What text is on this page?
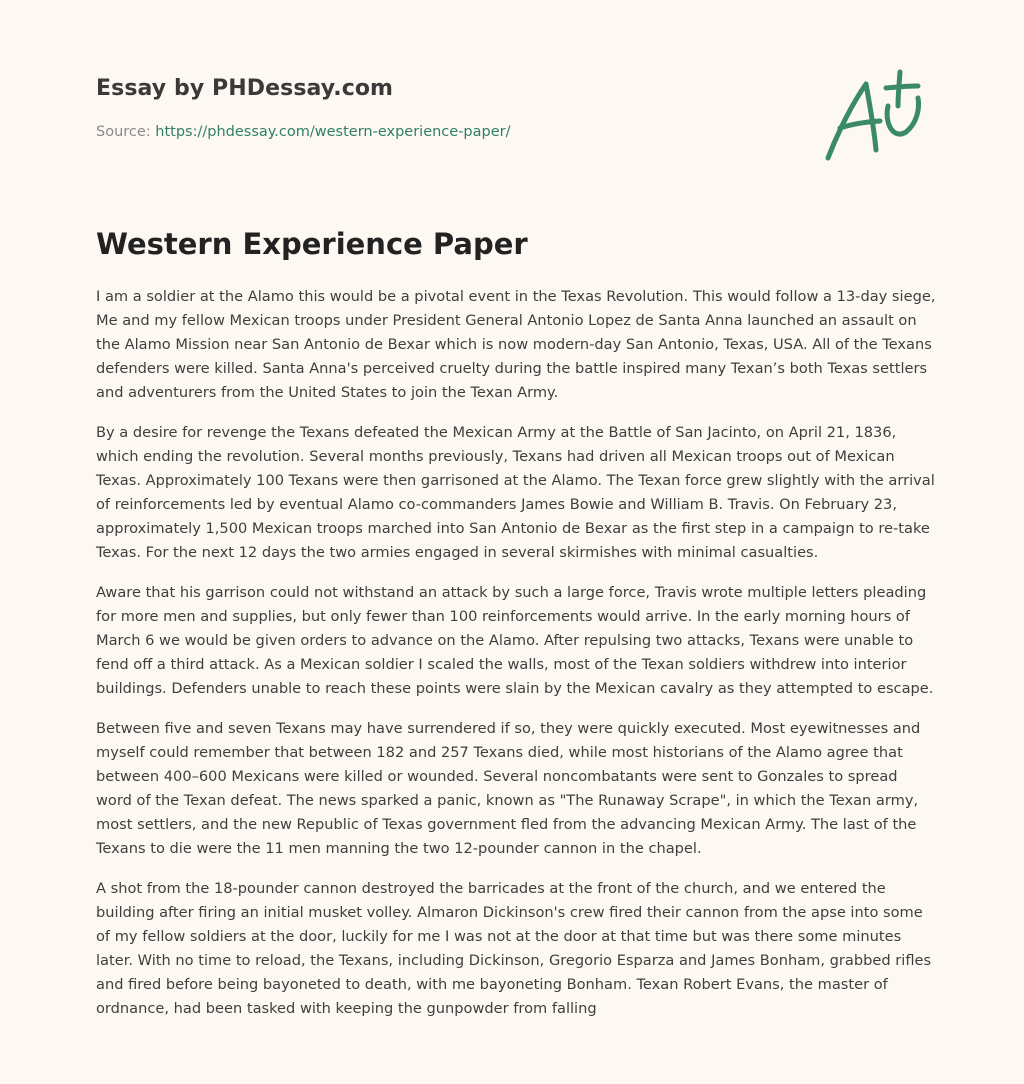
Essay by PHDessay.com
Source: https://phdessay.com/western-experience-paper/
Western Experience Paper

I am a soldier at the Alamo this would be a pivotal event in the Texas Revolution. This would follow a 13-day siege, Me and my fellow Mexican troops under President General Antonio Lopez de Santa Anna launched an assault on the Alamo Mission near San Antonio de Bexar which is now modern-day San Antonio, Texas, USA. All of the Texans defenders were killed. Santa Anna's perceived cruelty during the battle inspired many Texan’s both Texas settlers and adventurers from the United States to join the Texan Army.

By a desire for revenge the Texans defeated the Mexican Army at the Battle of San Jacinto, on April 21, 1836, which ending the revolution. Several months previously, Texans had driven all Mexican troops out of Mexican Texas. Approximately 100 Texans were then garrisoned at the Alamo. The Texan force grew slightly with the arrival of reinforcements led by eventual Alamo co-commanders James Bowie and William B. Travis. On February 23, approximately 1,500 Mexican troops marched into San Antonio de Bexar as the first step in a campaign to re-take Texas. For the next 12 days the two armies engaged in several skirmishes with minimal casualties.

Aware that his garrison could not withstand an attack by such a large force, Travis wrote multiple letters pleading for more men and supplies, but only fewer than 100 reinforcements would arrive. In the early morning hours of March 6 we would be given orders to advance on the Alamo. After repulsing two attacks, Texans were unable to fend off a third attack. As a Mexican soldier I scaled the walls, most of the Texan soldiers withdrew into interior buildings. Defenders unable to reach these points were slain by the Mexican cavalry as they attempted to escape.

Between five and seven Texans may have surrendered if so, they were quickly executed. Most eyewitnesses and myself could remember that between 182 and 257 Texans died, while most historians of the Alamo agree that between 400–600 Mexicans were killed or wounded. Several noncombatants were sent to Gonzales to spread word of the Texan defeat. The news sparked a panic, known as "The Runaway Scrape", in which the Texan army, most settlers, and the new Republic of Texas government fled from the advancing Mexican Army. The last of the Texans to die were the 11 men manning the two 12-pounder cannon in the chapel.

A shot from the 18-pounder cannon destroyed the barricades at the front of the church, and we entered the building after firing an initial musket volley. Almaron Dickinson's crew fired their cannon from the apse into some of my fellow soldiers at the door, luckily for me I was not at the door at that time but was there some minutes later. With no time to reload, the Texans, including Dickinson, Gregorio Esparza and James Bonham, grabbed rifles and fired before being bayoneted to death, with me bayoneting Bonham. Texan Robert Evans, the master of ordnance, had been tasked with keeping the gunpowder from falling
